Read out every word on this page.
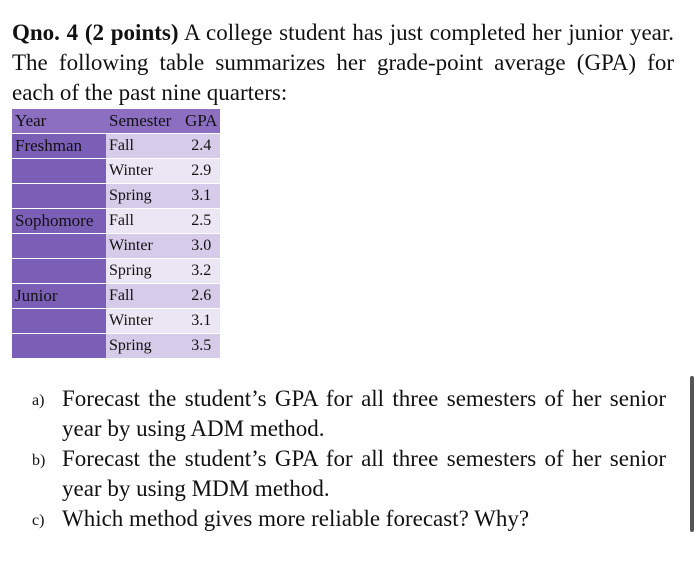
Qno. 4 (2 points) A college student has just completed her junior year. The following table summarizes her grade-point average (GPA) for each of the past nine quarters:
Year	Semester	GPA
Freshman	Fall	2.4
	Winter	2.9
	Spring	3.1
Sophomore	Fall	2.5
	Winter	3.0
	Spring	3.2
Junior	Fall	2.6
	Winter	3.1
	Spring	3.5
a) Forecast the student’s GPA for all three semesters of her senior year by using ADM method.
b) Forecast the student’s GPA for all three semesters of her senior year by using MDM method.
c) Which method gives more reliable forecast? Why?
